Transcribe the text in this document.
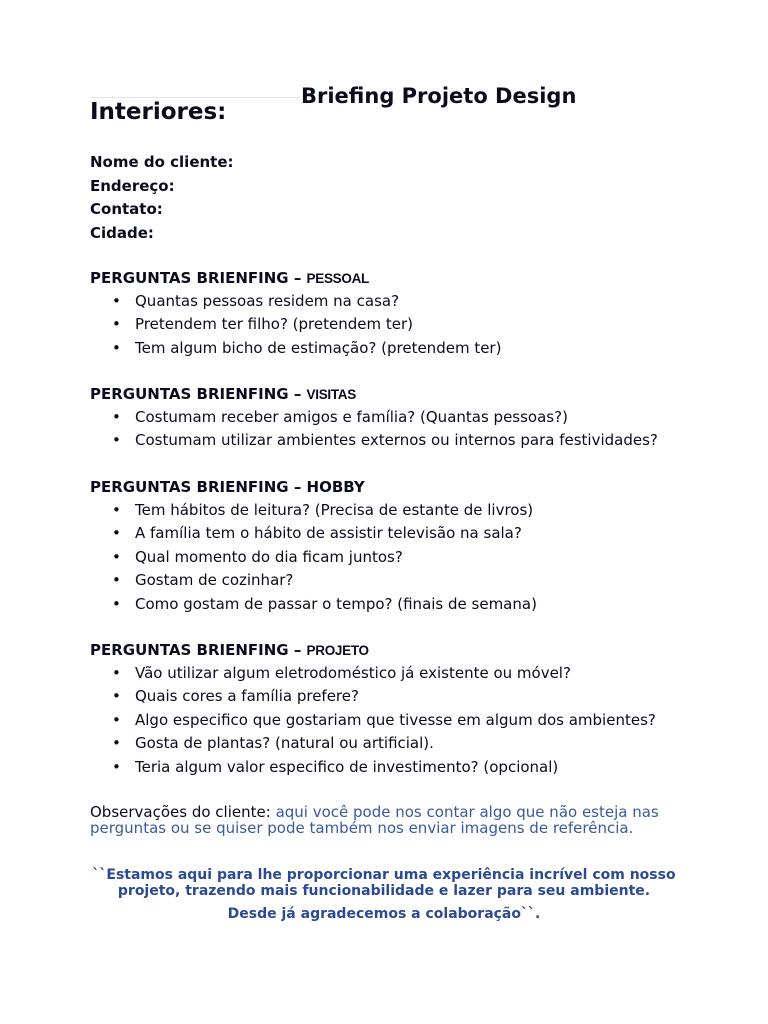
Briefing Projeto Design
Interiores:
Nome do cliente:
Endereço:
Contato:
Cidade:
PERGUNTAS BRIENFING – PESSOAL
• Quantas pessoas residem na casa?
• Pretendem ter filho? (pretendem ter)
• Tem algum bicho de estimação? (pretendem ter)
PERGUNTAS BRIENFING – VISITAS
• Costumam receber amigos e família? (Quantas pessoas?)
• Costumam utilizar ambientes externos ou internos para festividades?
PERGUNTAS BRIENFING – HOBBY
• Tem hábitos de leitura? (Precisa de estante de livros)
• A família tem o hábito de assistir televisão na sala?
• Qual momento do dia ficam juntos?
• Gostam de cozinhar?
• Como gostam de passar o tempo? (finais de semana)
PERGUNTAS BRIENFING – PROJETO
• Vão utilizar algum eletrodoméstico já existente ou móvel?
• Quais cores a família prefere?
• Algo especifico que gostariam que tivesse em algum dos ambientes?
• Gosta de plantas? (natural ou artificial).
• Teria algum valor especifico de investimento? (opcional)
Observações do cliente: aqui você pode nos contar algo que não esteja nas perguntas ou se quiser pode também nos enviar imagens de referência.
``Estamos aqui para lhe proporcionar uma experiência incrível com nosso
projeto, trazendo mais funcionabilidade e lazer para seu ambiente.
Desde já agradecemos a colaboração``.
